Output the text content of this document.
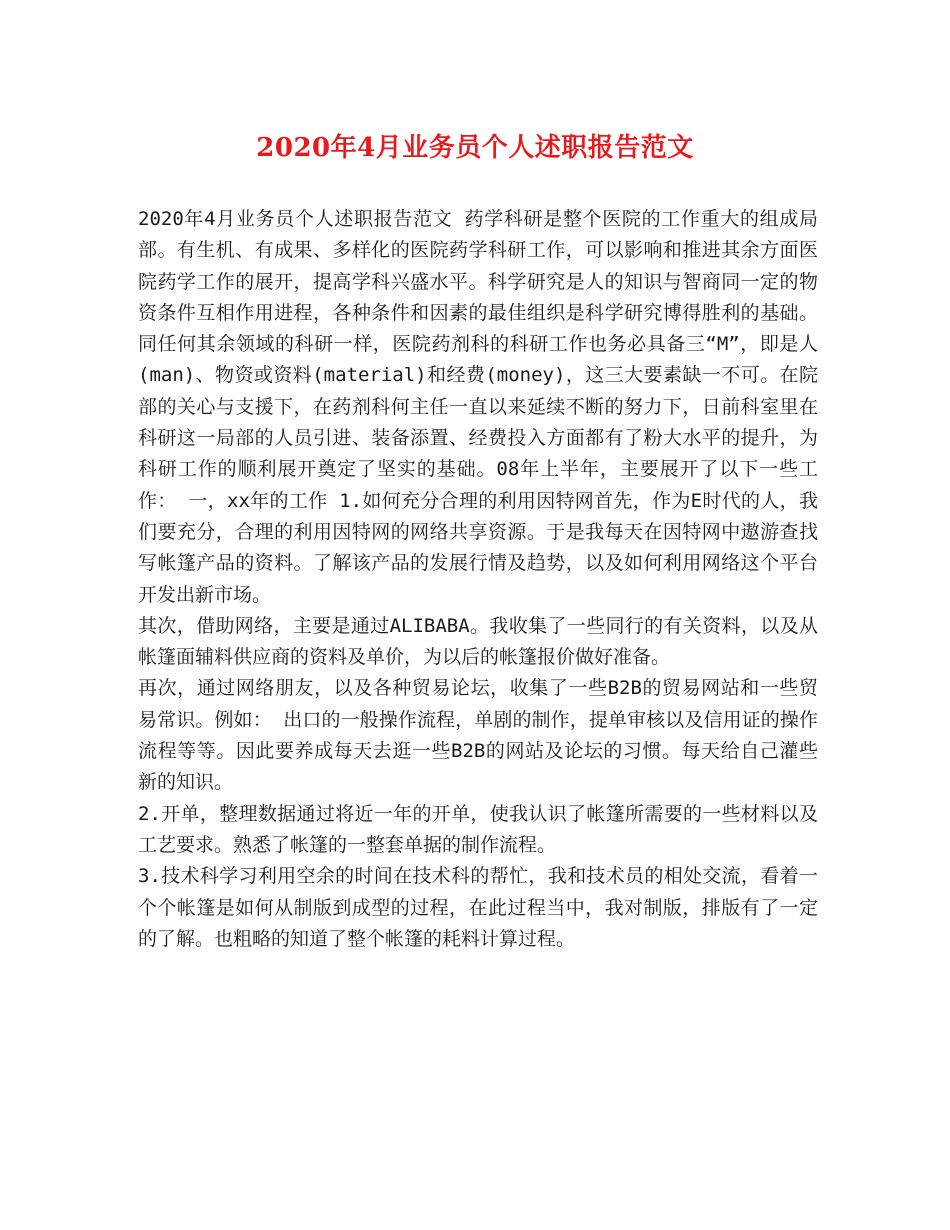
2020年4月业务员个人述职报告范文

2020年4月业务员个人述职报告范文 药学科研是整个医院的工作重大的组成局部。有生机、有成果、多样化的医院药学科研工作，可以影响和推进其余方面医院药学工作的展开，提高学科兴盛水平。科学研究是人的知识与智商同一定的物资条件互相作用进程，各种条件和因素的最佳组织是科学研究博得胜利的基础。同任何其余领域的科研一样，医院药剂科的科研工作也务必具备三“M”，即是人(man)、物资或资料(material)和经费(money)，这三大要素缺一不可。在院部的关心与支援下，在药剂科何主任一直以来延续不断的努力下，日前科室里在科研这一局部的人员引进、装备添置、经费投入方面都有了粉大水平的提升，为科研工作的顺利展开奠定了坚实的基础。08年上半年，主要展开了以下一些工作： 一，xx年的工作 1.如何充分合理的利用因特网首先，作为E时代的人，我们要充分，合理的利用因特网的网络共享资源。于是我每天在因特网中遨游查找写帐篷产品的资料。了解该产品的发展行情及趋势，以及如何利用网络这个平台开发出新市场。

其次，借助网络，主要是通过ALIBABA。我收集了一些同行的有关资料，以及从帐篷面辅料供应商的资料及单价，为以后的帐篷报价做好准备。

再次，通过网络朋友，以及各种贸易论坛，收集了一些B2B的贸易网站和一些贸易常识。例如： 出口的一般操作流程，单剧的制作，提单审核以及信用证的操作流程等等。因此要养成每天去逛一些B2B的网站及论坛的习惯。每天给自己灌些新的知识。

2.开单，整理数据通过将近一年的开单，使我认识了帐篷所需要的一些材料以及工艺要求。熟悉了帐篷的一整套单据的制作流程。

3.技术科学习利用空余的时间在技术科的帮忙，我和技术员的相处交流，看着一个个帐篷是如何从制版到成型的过程，在此过程当中，我对制版，排版有了一定的了解。也粗略的知道了整个帐篷的耗料计算过程。
